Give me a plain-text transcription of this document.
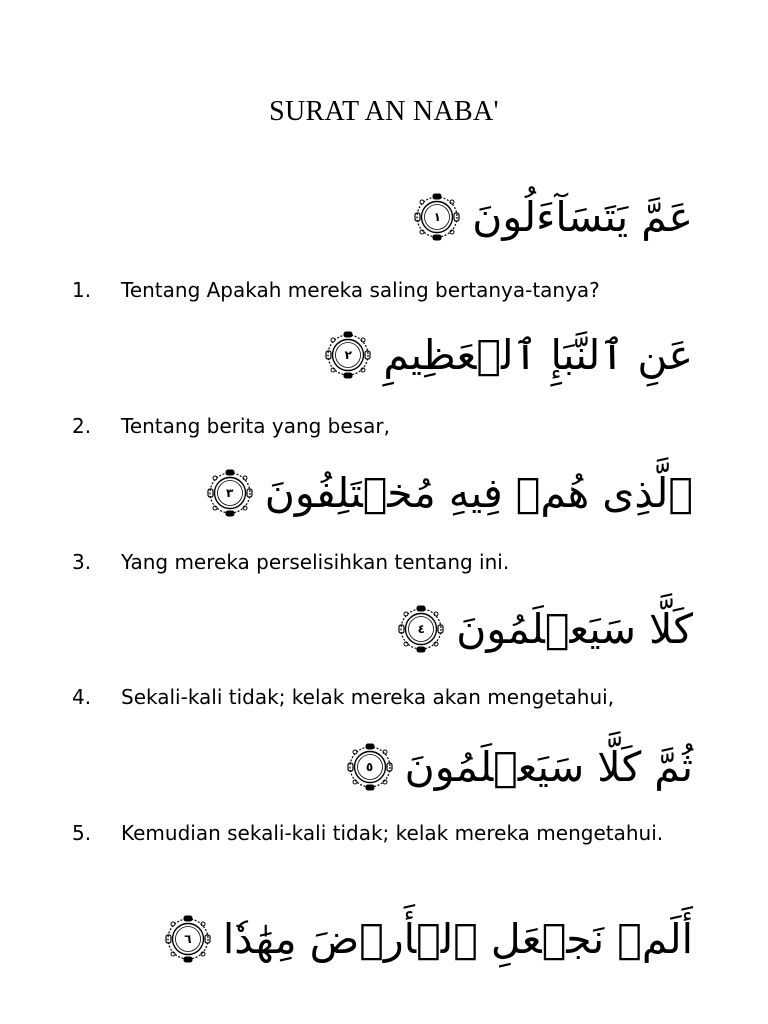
SURAT AN NABA'
١ عَمَّ يَتَسَآءَلُونَ
1.	Tentang Apakah mereka saling bertanya-tanya?
٢ عَنِ ٱلنَّبَإِ ٱلۡعَظِيمِ
2.	Tentang berita yang besar,
٣ ٱلَّذِى هُمۡ فِيهِ مُخۡتَلِفُونَ
3.	Yang mereka perselisihkan tentang ini.
٤ كَلَّا سَيَعۡلَمُونَ
4.	Sekali-kali tidak; kelak mereka akan mengetahui,
٥ ثُمَّ كَلَّا سَيَعۡلَمُونَ
5.	Kemudian sekali-kali tidak; kelak mereka mengetahui.
٦ أَلَمۡ نَجۡعَلِ ٱلۡأَرۡضَ مِهَٰدٗا
